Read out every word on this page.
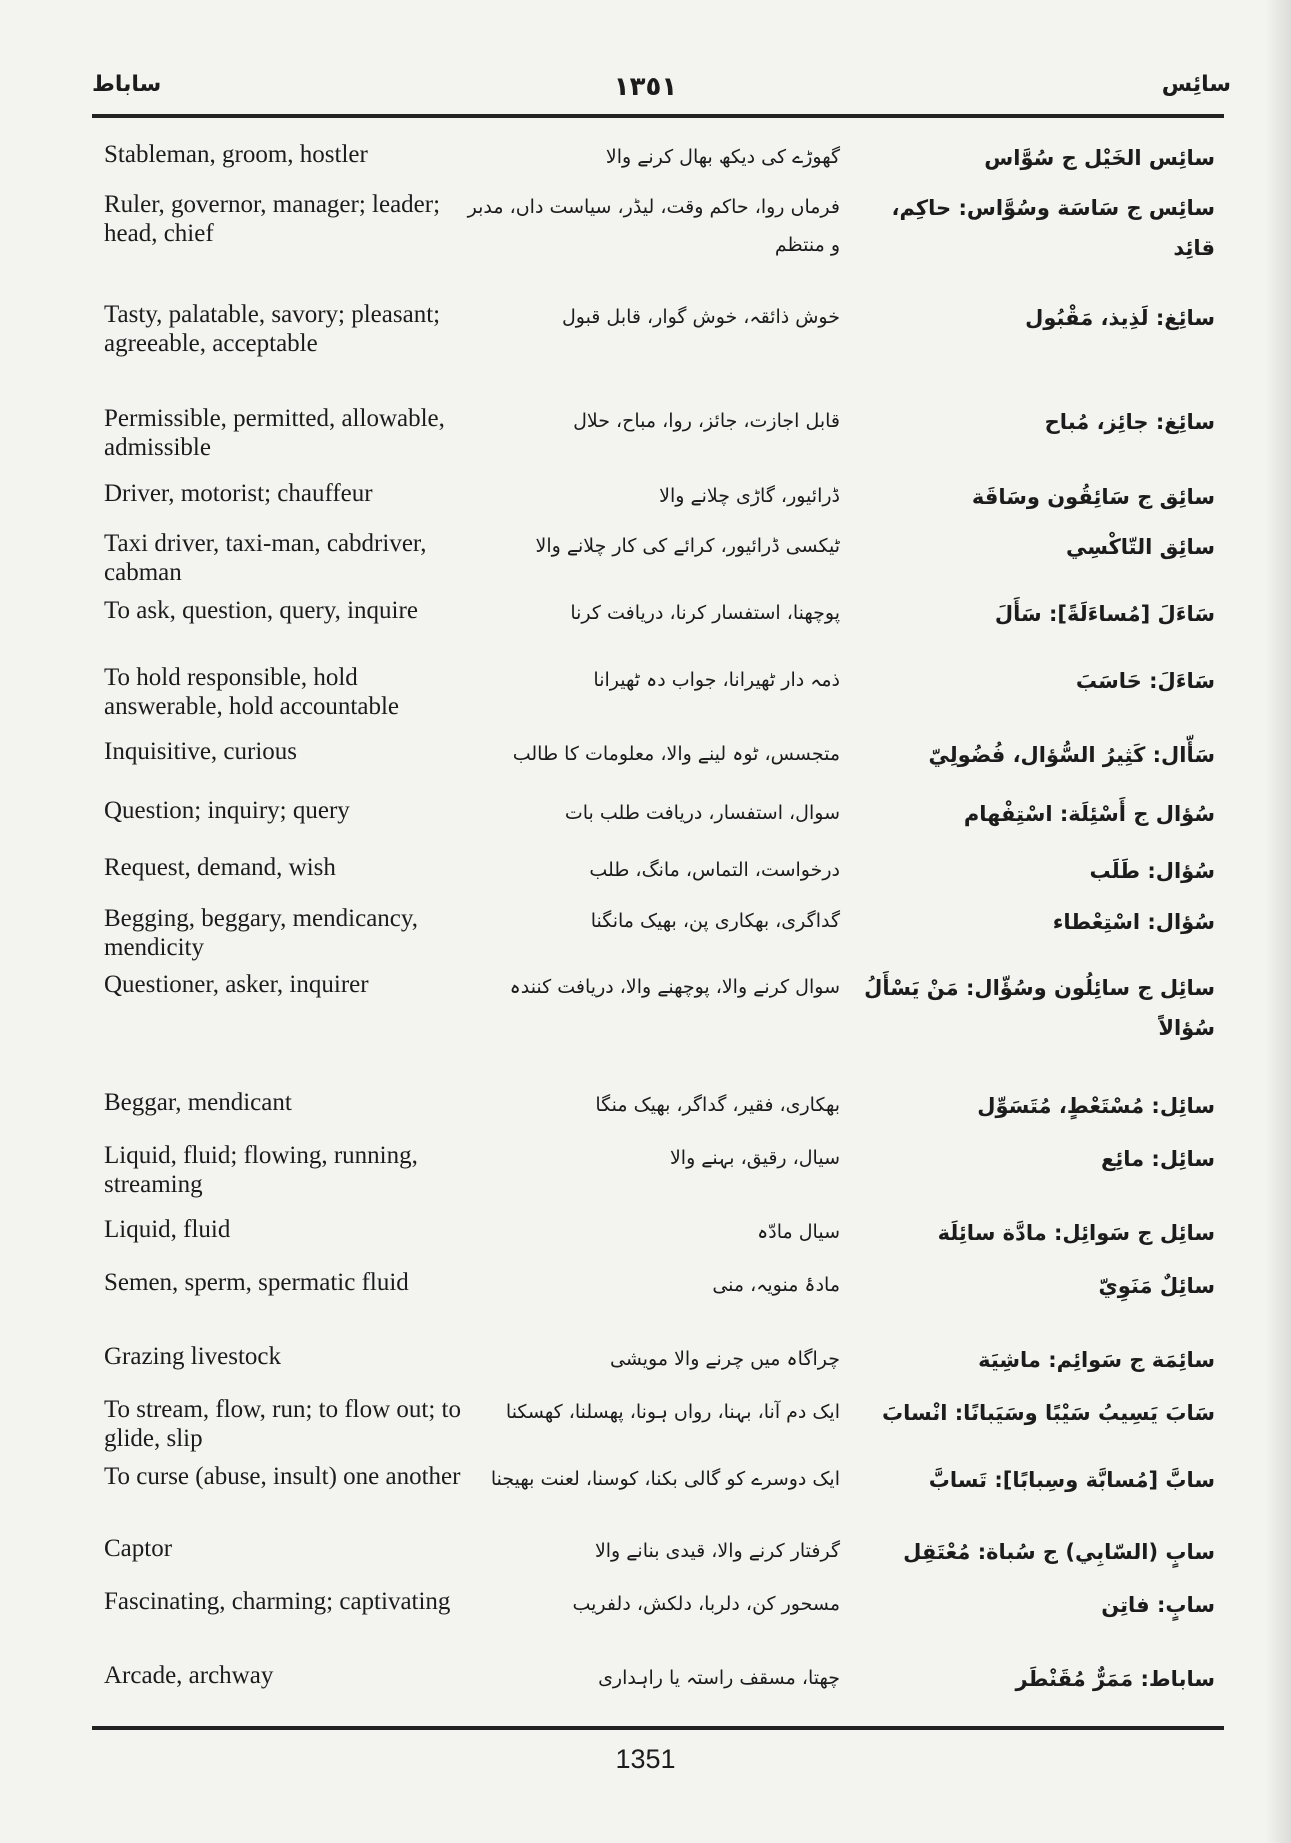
ساباط	١٣٥١	سائِس
سائِس الخَيْل ج سُوَّاس
گھوڑے کی دیکھ بھال کرنے والا
Stableman, groom, hostler
سائِس ج سَاسَة وسُوَّاس: حاكِم، قائِد
فرماں روا، حاکم وقت، لیڈر، سیاست داں، مدبر و منتظم
Ruler, governor, manager; leader; head, chief
سائِغ: لَذِيذ، مَقْبُول
خوش ذائقہ، خوش گوار، قابل قبول
Tasty, palatable, savory; pleasant; agreeable, acceptable
سائِغ: جائِز، مُباح
قابل اجازت، جائز، روا، مباح، حلال
Permissible, permitted, allowable, admissible
سائِق ج سَائِقُون وسَاقَة
ڈرائیور، گاڑی چلانے والا
Driver, motorist; chauffeur
سائِق التّاكْسِي
ٹیکسی ڈرائیور، کرائے کی کار چلانے والا
Taxi driver, taxi-man, cabdriver, cabman
سَاءَلَ [مُساءَلَةً]: سَأَلَ
پوچھنا، استفسار کرنا، دریافت کرنا
To ask, question, query, inquire
سَاءَلَ: حَاسَبَ
ذمہ دار ٹھیرانا، جواب دہ ٹھیرانا
To hold responsible, hold answerable, hold accountable
سَأّال: كَثِيرُ السُّؤال، فُضُولِيّ
متجسس، ٹوہ لینے والا، معلومات کا طالب
Inquisitive, curious
سُؤال ج أَسْئِلَة: اسْتِفْهام
سوال، استفسار، دریافت طلب بات
Question; inquiry; query
سُؤال: طَلَب
درخواست، التماس، مانگ، طلب
Request, demand, wish
سُؤال: اسْتِعْطاء
گداگری، بھکاری پن، بھیک مانگنا
Begging, beggary, mendicancy, mendicity
سائِل ج سائِلُون وسُؤّال: مَنْ يَسْأَلُ سُؤالاً
سوال کرنے والا، پوچھنے والا، دریافت کنندہ
Questioner, asker, inquirer
سائِل: مُسْتَعْطٍ، مُتَسَوِّل
بھکاری، فقیر، گداگر، بھیک منگا
Beggar, mendicant
سائِل: مائِع
سیال، رقیق، بہنے والا
Liquid, fluid; flowing, running, streaming
سائِل ج سَوائِل: مادَّة سائِلَة
سیال مادّہ
Liquid, fluid
سائِلٌ مَنَوِيّ
مادۂ منویہ، منی
Semen, sperm, spermatic fluid
سائِمَة ج سَوائِم: ماشِيَة
چراگاہ میں چرنے والا مویشی
Grazing livestock
سَابَ يَسِيبُ سَيْبًا وسَيَبانًا: انْسابَ
ایک دم آنا، بہنا، رواں ہونا، پھسلنا، کھسکنا
To stream, flow, run; to flow out; to glide, slip
سابَّ [مُسابَّة وسِبابًا]: تَسابَّ
ایک دوسرے کو گالی بکنا، کوسنا، لعنت بھیجنا
To curse (abuse, insult) one another
سابٍ (السّابِي) ج سُباة: مُعْتَقِل
گرفتار کرنے والا، قیدی بنانے والا
Captor
سابٍ: فاتِن
مسحور کن، دلربا، دلکش، دلفریب
Fascinating, charming; captivating
ساباط: مَمَرٌّ مُقَنْطَر
چھتا، مسقف راستہ یا راہداری
Arcade, archway
1351
